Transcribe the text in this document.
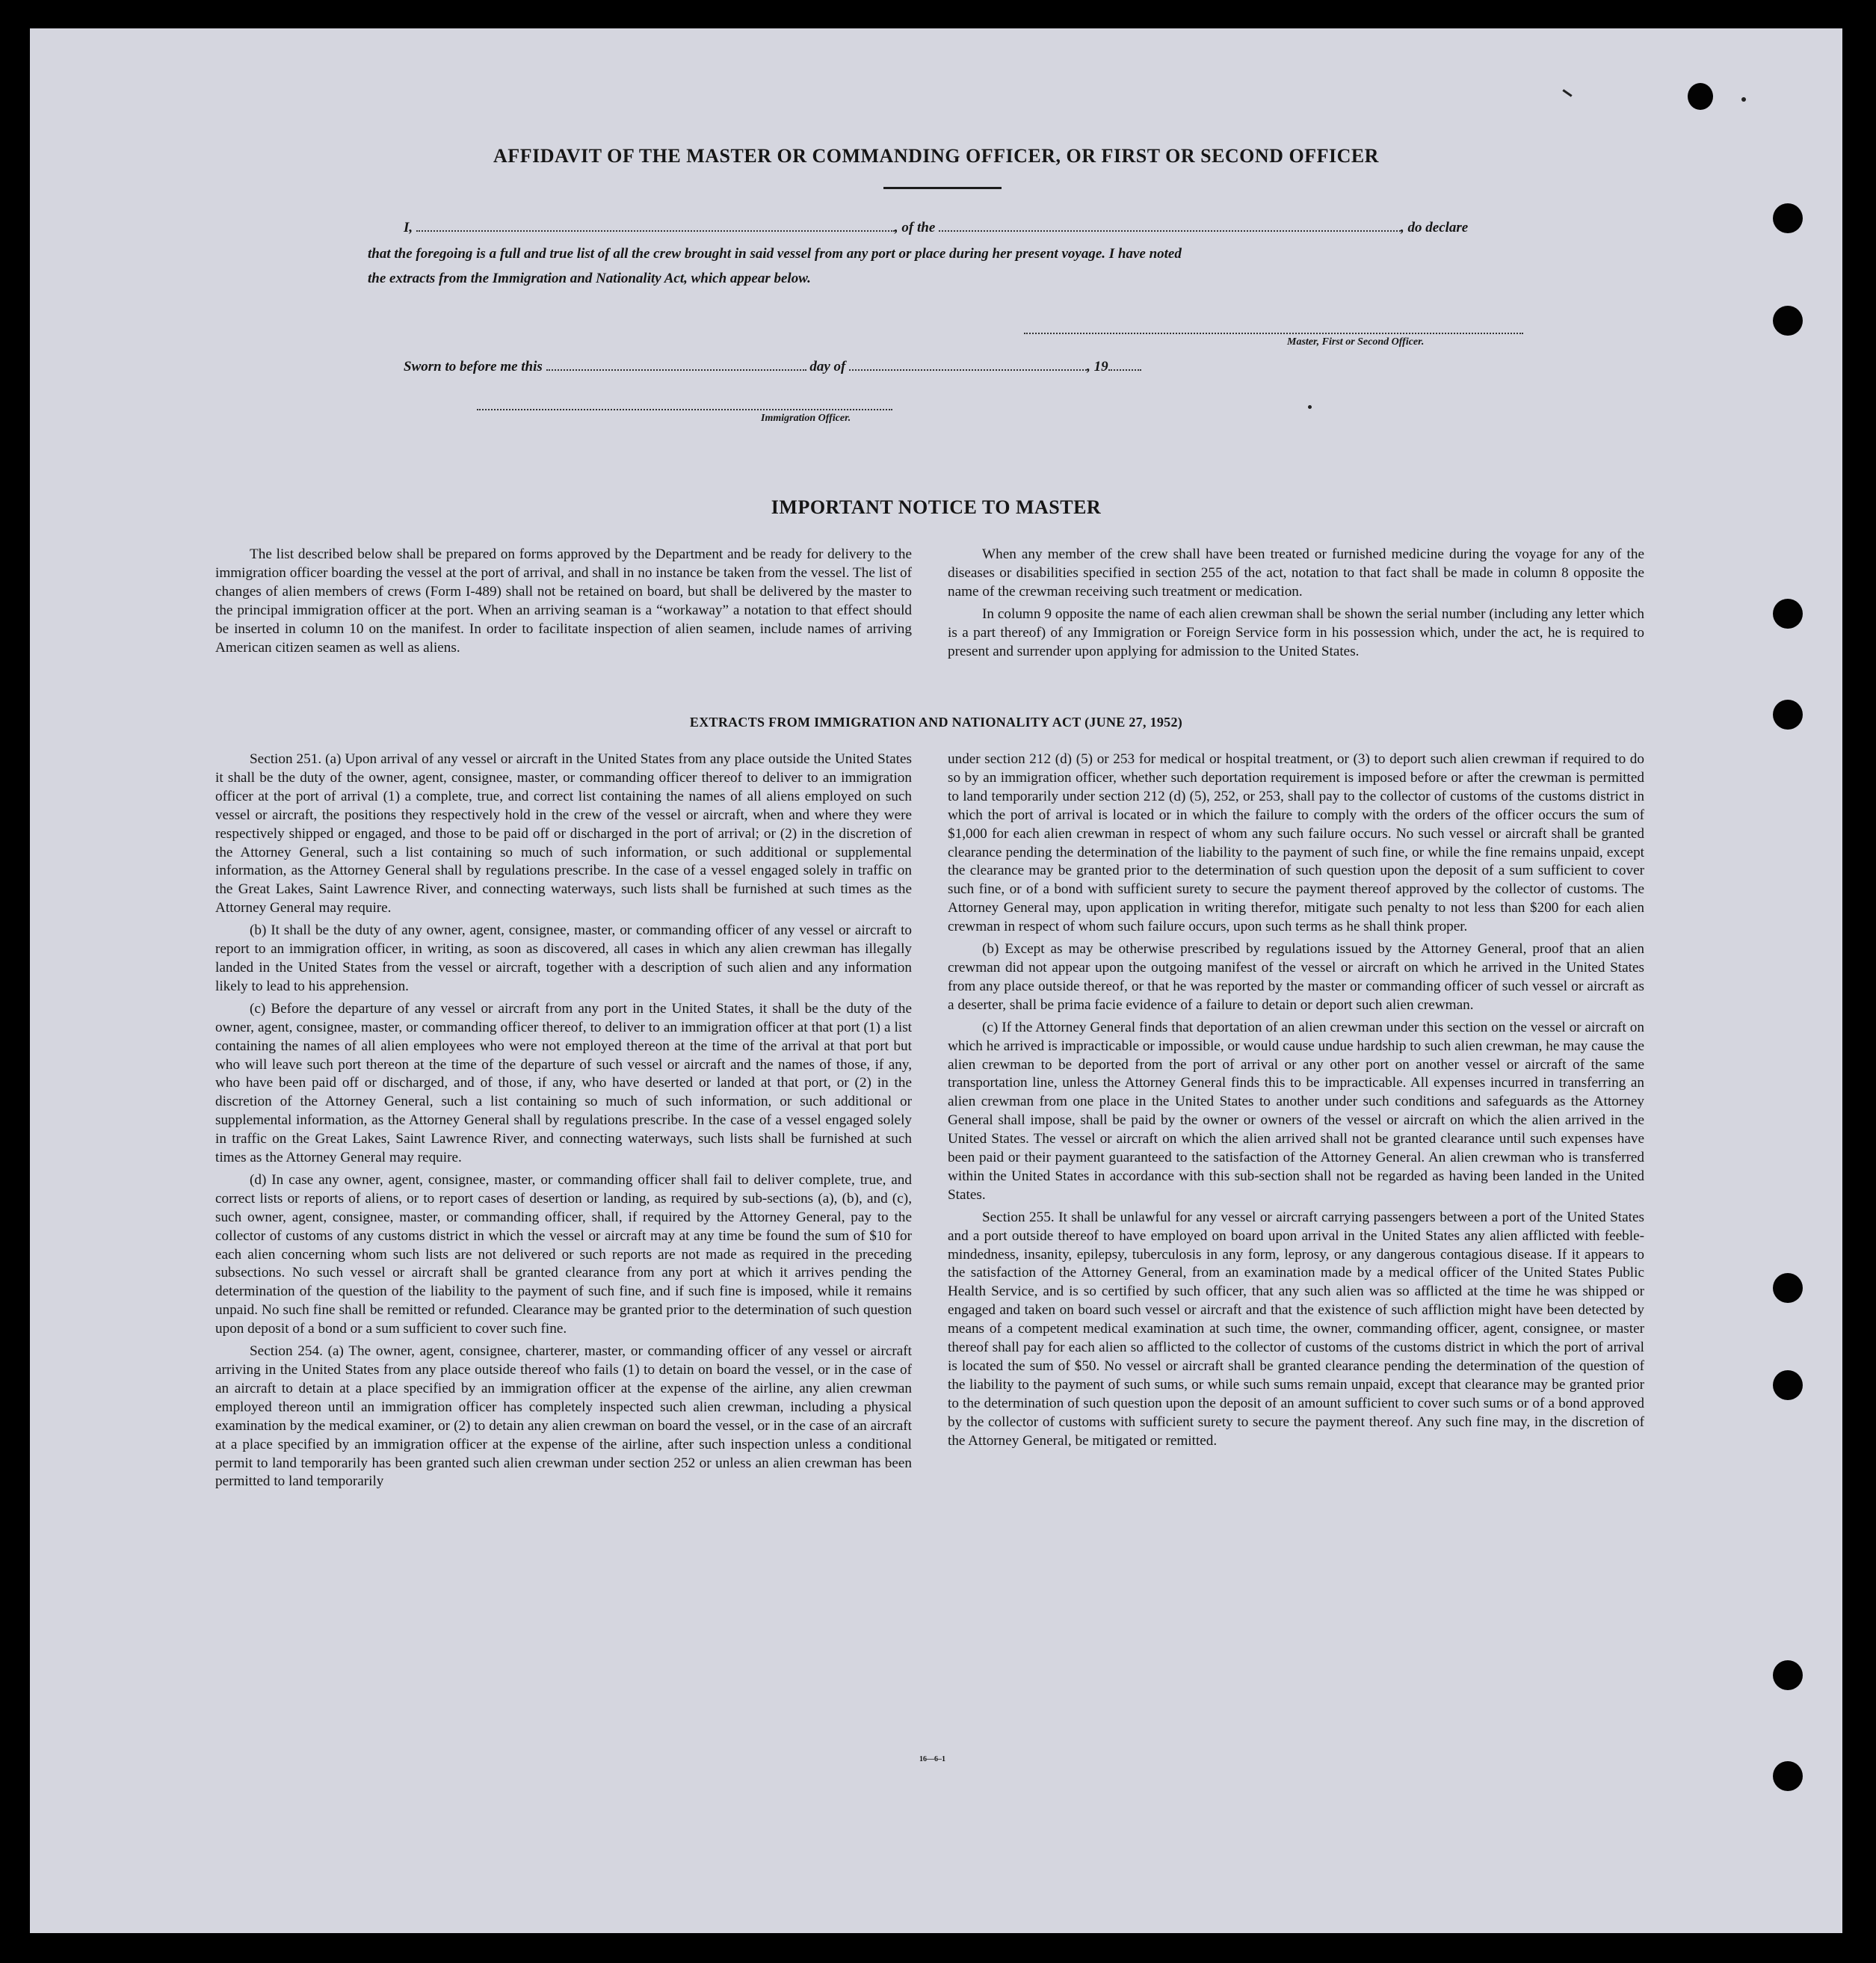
AFFIDAVIT OF THE MASTER OR COMMANDING OFFICER, OR FIRST OR SECOND OFFICER
I,	, of the	, do declare
that the foregoing is a full and true list of all the crew brought in said vessel from any port or place during her present voyage. I have noted
the extracts from the Immigration and Nationality Act, which appear below.
Master, First or Second Officer.
Sworn to before me this	day of	, 19
Immigration Officer.
IMPORTANT NOTICE TO MASTER

The list described below shall be prepared on forms approved by the Department and be ready for delivery to the immigration officer boarding the vessel at the port of arrival, and shall in no instance be taken from the vessel. The list of changes of alien members of crews (Form I-489) shall not be retained on board, but shall be delivered by the master to the principal immigration officer at the port. When an arriving seaman is a “workaway” a notation to that effect should be inserted in column 10 on the manifest. In order to facilitate inspection of alien seamen, include names of arriving American citizen seamen as well as aliens.

When any member of the crew shall have been treated or furnished medicine during the voyage for any of the diseases or disabilities specified in section 255 of the act, notation to that fact shall be made in column 8 opposite the name of the crewman receiving such treatment or medication.

In column 9 opposite the name of each alien crewman shall be shown the serial number (including any letter which is a part thereof) of any Immigration or Foreign Service form in his possession which, under the act, he is required to present and surrender upon applying for admission to the United States.

EXTRACTS FROM IMMIGRATION AND NATIONALITY ACT (JUNE 27, 1952)

Section 251. (a) Upon arrival of any vessel or aircraft in the United States from any place outside the United States it shall be the duty of the owner, agent, consignee, master, or commanding officer thereof to deliver to an immigration officer at the port of arrival (1) a complete, true, and correct list containing the names of all aliens employed on such vessel or aircraft, the positions they respectively hold in the crew of the vessel or aircraft, when and where they were respectively shipped or engaged, and those to be paid off or discharged in the port of arrival; or (2) in the discretion of the Attorney General, such a list containing so much of such information, or such additional or supplemental information, as the Attorney General shall by regulations prescribe. In the case of a vessel engaged solely in traffic on the Great Lakes, Saint Lawrence River, and connecting waterways, such lists shall be furnished at such times as the Attorney General may require.

(b) It shall be the duty of any owner, agent, consignee, master, or commanding officer of any vessel or aircraft to report to an immigration officer, in writing, as soon as discovered, all cases in which any alien crewman has illegally landed in the United States from the vessel or aircraft, together with a description of such alien and any information likely to lead to his apprehension.

(c) Before the departure of any vessel or aircraft from any port in the United States, it shall be the duty of the owner, agent, consignee, master, or commanding officer thereof, to deliver to an immigration officer at that port (1) a list containing the names of all alien employees who were not employed thereon at the time of the arrival at that port but who will leave such port thereon at the time of the departure of such vessel or aircraft and the names of those, if any, who have been paid off or discharged, and of those, if any, who have deserted or landed at that port, or (2) in the discretion of the Attorney General, such a list containing so much of such information, or such additional or supplemental information, as the Attorney General shall by regulations prescribe. In the case of a vessel engaged solely in traffic on the Great Lakes, Saint Lawrence River, and connecting waterways, such lists shall be furnished at such times as the Attorney General may require.

(d) In case any owner, agent, consignee, master, or commanding officer shall fail to deliver complete, true, and correct lists or reports of aliens, or to report cases of desertion or landing, as required by sub-sections (a), (b), and (c), such owner, agent, consignee, master, or commanding officer, shall, if required by the Attorney General, pay to the collector of customs of any customs district in which the vessel or aircraft may at any time be found the sum of $10 for each alien concerning whom such lists are not delivered or such reports are not made as required in the preceding subsections. No such vessel or aircraft shall be granted clearance from any port at which it arrives pending the determination of the question of the liability to the payment of such fine, and if such fine is imposed, while it remains unpaid. No such fine shall be remitted or refunded. Clearance may be granted prior to the determination of such question upon deposit of a bond or a sum sufficient to cover such fine.

Section 254. (a) The owner, agent, consignee, charterer, master, or commanding officer of any vessel or aircraft arriving in the United States from any place outside thereof who fails (1) to detain on board the vessel, or in the case of an aircraft to detain at a place specified by an immigration officer at the expense of the airline, any alien crewman employed thereon until an immigration officer has completely inspected such alien crewman, including a physical examination by the medical examiner, or (2) to detain any alien crewman on board the vessel, or in the case of an aircraft at a place specified by an immigration officer at the expense of the airline, after such inspection unless a conditional permit to land temporarily has been granted such alien crewman under section 252 or unless an alien crewman has been permitted to land temporarily

under section 212 (d) (5) or 253 for medical or hospital treatment, or (3) to deport such alien crewman if required to do so by an immigration officer, whether such deportation requirement is imposed before or after the crewman is permitted to land temporarily under section 212 (d) (5), 252, or 253, shall pay to the collector of customs of the customs district in which the port of arrival is located or in which the failure to comply with the orders of the officer occurs the sum of $1,000 for each alien crewman in respect of whom any such failure occurs. No such vessel or aircraft shall be granted clearance pending the determination of the liability to the payment of such fine, or while the fine remains unpaid, except the clearance may be granted prior to the determination of such question upon the deposit of a sum sufficient to cover such fine, or of a bond with sufficient surety to secure the payment thereof approved by the collector of customs. The Attorney General may, upon application in writing therefor, mitigate such penalty to not less than $200 for each alien crewman in respect of whom such failure occurs, upon such terms as he shall think proper.

(b) Except as may be otherwise prescribed by regulations issued by the Attorney General, proof that an alien crewman did not appear upon the outgoing manifest of the vessel or aircraft on which he arrived in the United States from any place outside thereof, or that he was reported by the master or commanding officer of such vessel or aircraft as a deserter, shall be prima facie evidence of a failure to detain or deport such alien crewman.

(c) If the Attorney General finds that deportation of an alien crewman under this section on the vessel or aircraft on which he arrived is impracticable or impossible, or would cause undue hardship to such alien crewman, he may cause the alien crewman to be deported from the port of arrival or any other port on another vessel or aircraft of the same transportation line, unless the Attorney General finds this to be impracticable. All expenses incurred in transferring an alien crewman from one place in the United States to another under such conditions and safeguards as the Attorney General shall impose, shall be paid by the owner or owners of the vessel or aircraft on which the alien arrived in the United States. The vessel or aircraft on which the alien arrived shall not be granted clearance until such expenses have been paid or their payment guaranteed to the satisfaction of the Attorney General. An alien crewman who is transferred within the United States in accordance with this sub-section shall not be regarded as having been landed in the United States.

Section 255. It shall be unlawful for any vessel or aircraft carrying passengers between a port of the United States and a port outside thereof to have employed on board upon arrival in the United States any alien afflicted with feeble-mindedness, insanity, epilepsy, tuberculosis in any form, leprosy, or any dangerous contagious disease. If it appears to the satisfaction of the Attorney General, from an examination made by a medical officer of the United States Public Health Service, and is so certified by such officer, that any such alien was so afflicted at the time he was shipped or engaged and taken on board such vessel or aircraft and that the existence of such affliction might have been detected by means of a competent medical examination at such time, the owner, commanding officer, agent, consignee, or master thereof shall pay for each alien so afflicted to the collector of customs of the customs district in which the port of arrival is located the sum of $50. No vessel or aircraft shall be granted clearance pending the determination of the question of the liability to the payment of such sums, or while such sums remain unpaid, except that clearance may be granted prior to the determination of such question upon the deposit of an amount sufficient to cover such sums or of a bond approved by the collector of customs with sufficient surety to secure the payment thereof. Any such fine may, in the discretion of the Attorney General, be mitigated or remitted.

16—6–1
